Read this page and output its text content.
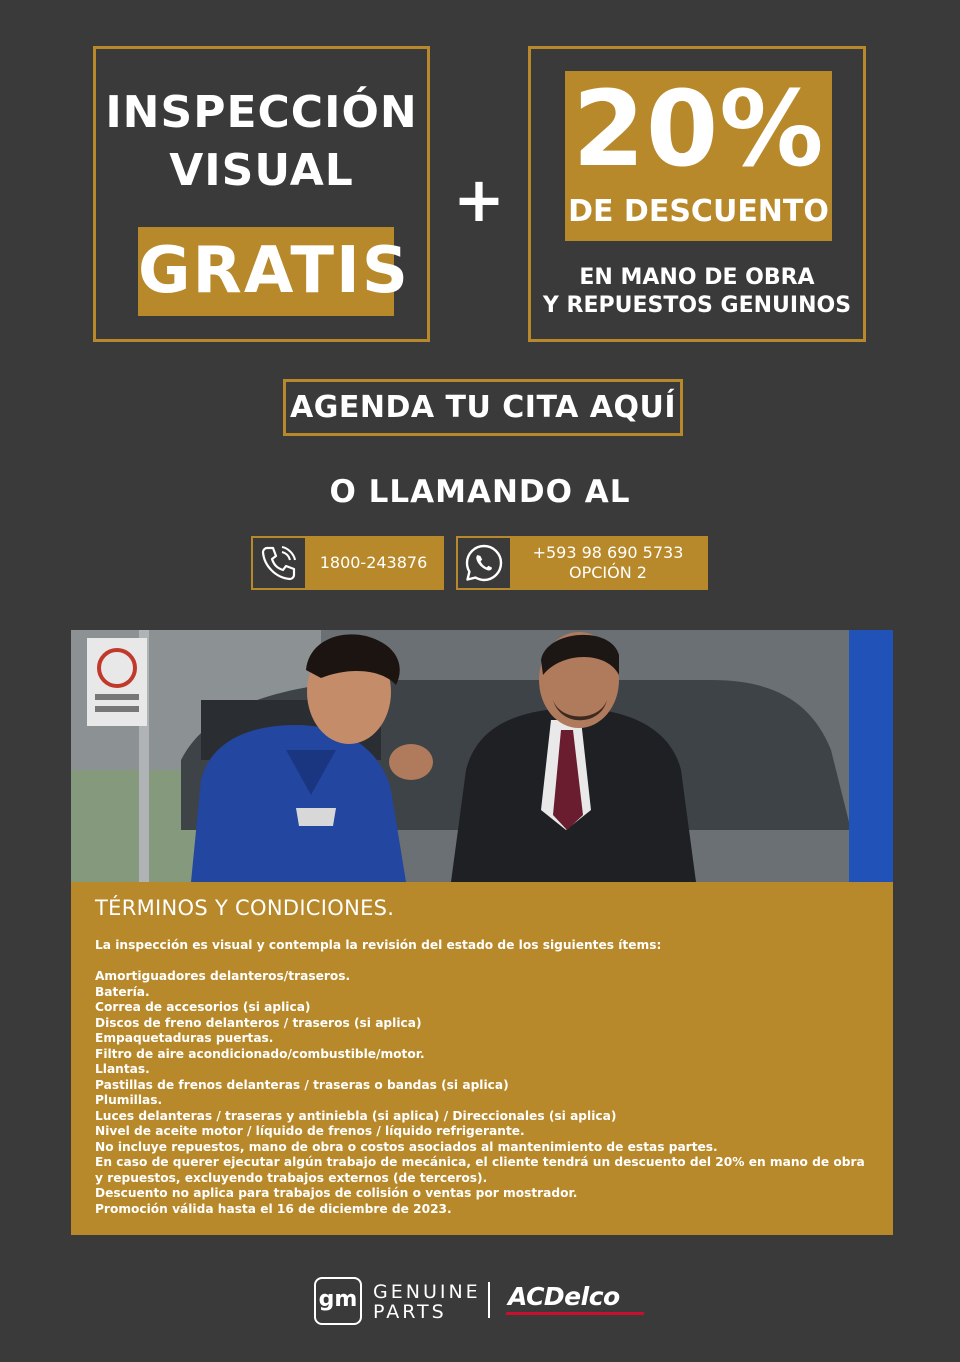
INSPECCIÓN
VISUAL
GRATIS
+
20%
DE DESCUENTO
EN MANO DE OBRA
Y REPUESTOS GENUINOS
AGENDA TU CITA AQUÍ
O LLAMANDO AL
1800-243876
+593 98 690 5733
OPCIÓN 2
TÉRMINOS Y CONDICIONES.

La inspección es visual y contempla la revisión del estado de los siguientes ítems:

Amortiguadores delanteros/traseros.

Batería.

Correa de accesorios (si aplica)

Discos de freno delanteros / traseros (si aplica)

Empaquetaduras puertas.

Filtro de aire acondicionado/combustible/motor.

Llantas.

Pastillas de frenos delanteras / traseras o bandas (si aplica)

Plumillas.

Luces delanteras / traseras y antiniebla (si aplica) / Direccionales (si aplica)

Nivel de aceite motor / líquido de frenos / líquido refrigerante.

No incluye repuestos, mano de obra o costos asociados al mantenimiento de estas partes.

En caso de querer ejecutar algún trabajo de mecánica, el cliente tendrá un descuento del 20% en mano de obra y repuestos, excluyendo trabajos externos (de terceros).

Descuento no aplica para trabajos de colisión o ventas por mostrador.

Promoción válida hasta el 16 de diciembre de 2023.

gm GENUINE
PARTS
ACDelco
